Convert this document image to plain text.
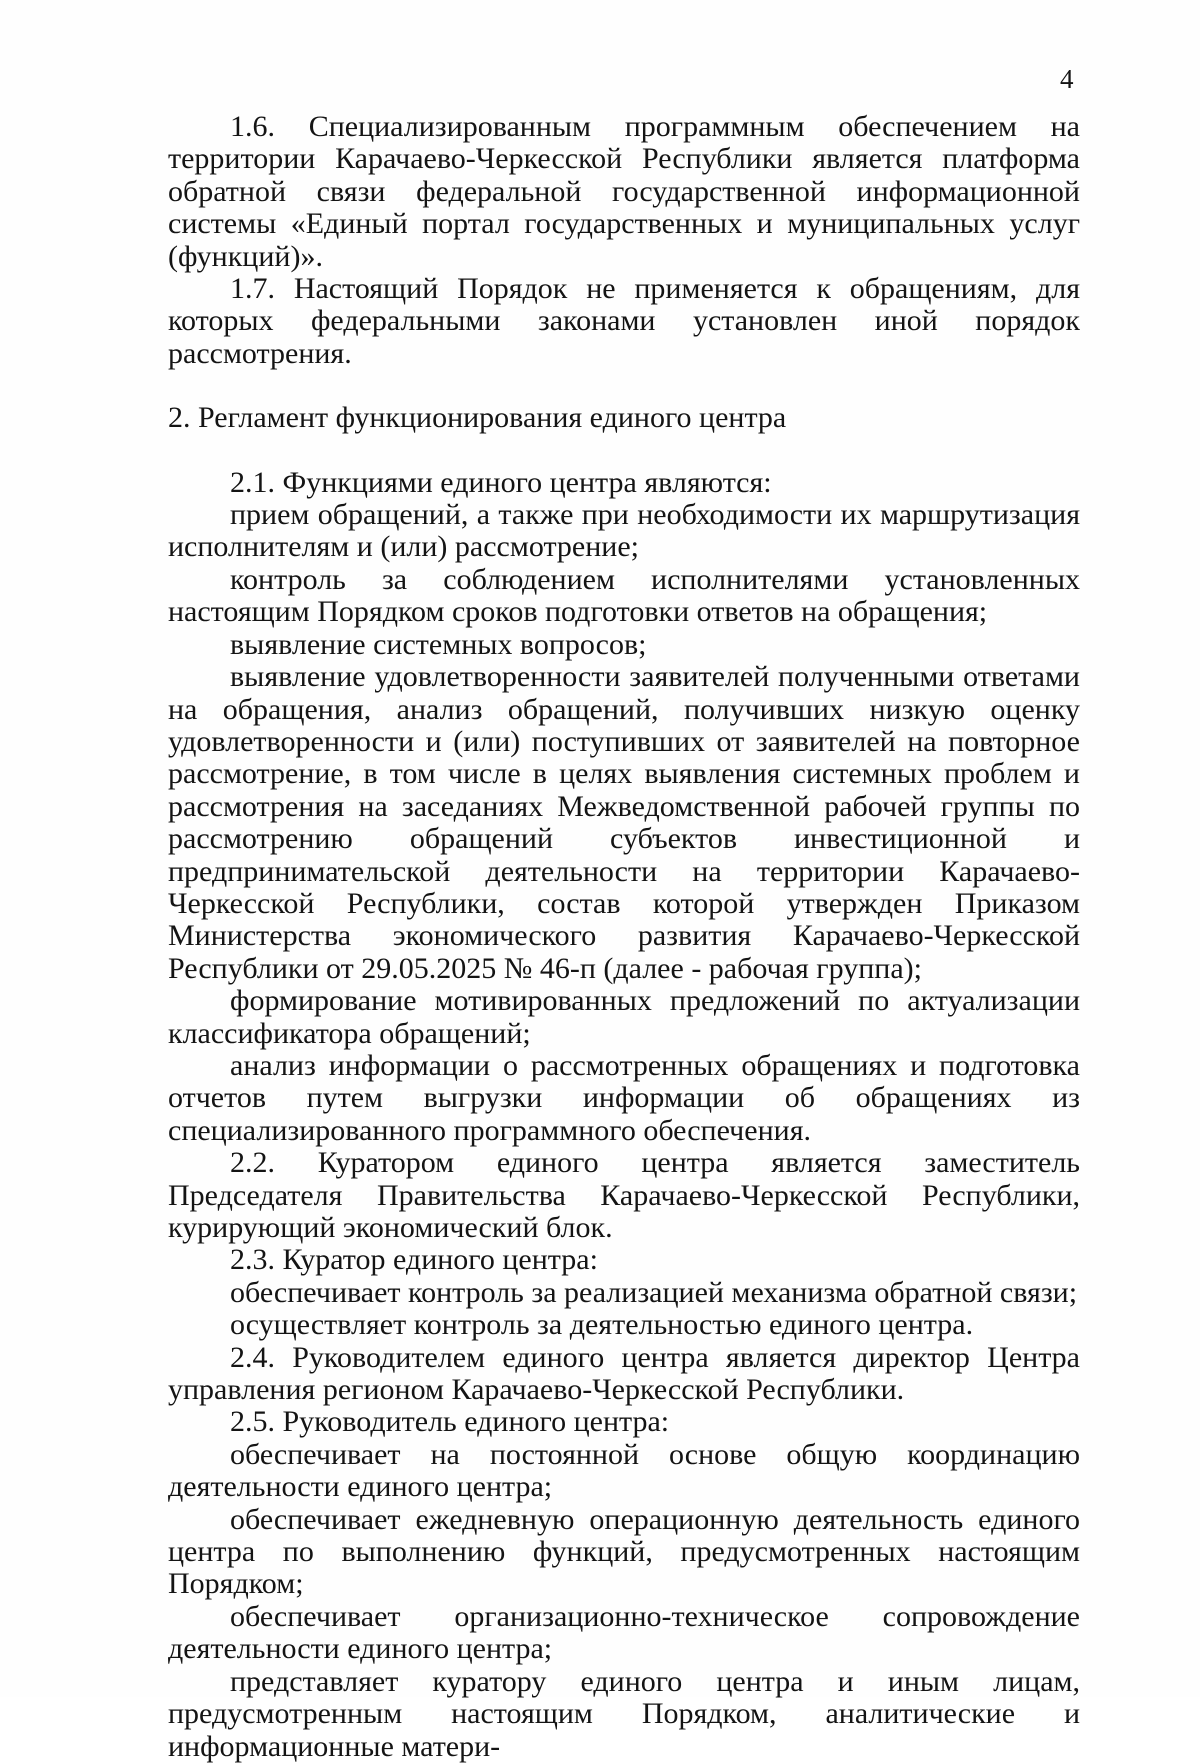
4

1.6. Специализированным программным обеспечением на территории Карачаево-Черкесской Республики является платформа обратной связи федеральной государственной информационной системы «Единый портал государственных и муниципальных услуг (функций)».

1.7. Настоящий Порядок не применяется к обращениям, для которых федеральными законами установлен иной порядок рассмотрения.

2. Регламент функционирования единого центра

2.1. Функциями единого центра являются:

прием обращений, а также при необходимости их маршрутизация исполнителям и (или) рассмотрение;

контроль за соблюдением исполнителями установленных настоящим Порядком сроков подготовки ответов на обращения;

выявление системных вопросов;

выявление удовлетворенности заявителей полученными ответами на обращения, анализ обращений, получивших низкую оценку удовлетворенности и (или) поступивших от заявителей на повторное рассмотрение, в том числе в целях выявления системных проблем и рассмотрения на заседаниях Межведомственной рабочей группы по рассмотрению обращений субъектов инвестиционной и предпринимательской деятельности на территории Карачаево-Черкесской Республики, состав которой утвержден Приказом Министерства экономического развития Карачаево-Черкесской Республики от 29.05.2025 № 46-п (далее - рабочая группа);

формирование мотивированных предложений по актуализации классификатора обращений;

анализ информации о рассмотренных обращениях и подготовка отчетов путем выгрузки информации об обращениях из специализированного программного обеспечения.

2.2. Куратором единого центра является заместитель Председателя Правительства Карачаево-Черкесской Республики, курирующий экономический блок.

2.3. Куратор единого центра:

обеспечивает контроль за реализацией механизма обратной связи;

осуществляет контроль за деятельностью единого центра.

2.4. Руководителем единого центра является директор Центра управления регионом Карачаево-Черкесской Республики.

2.5. Руководитель единого центра:

обеспечивает на постоянной основе общую координацию деятельности единого центра;

обеспечивает ежедневную операционную деятельность единого центра по выполнению функций, предусмотренных настоящим Порядком;

обеспечивает организационно-техническое сопровождение деятельности единого центра;

представляет куратору единого центра и иным лицам, предусмотренным настоящим Порядком, аналитические и информационные матери-
